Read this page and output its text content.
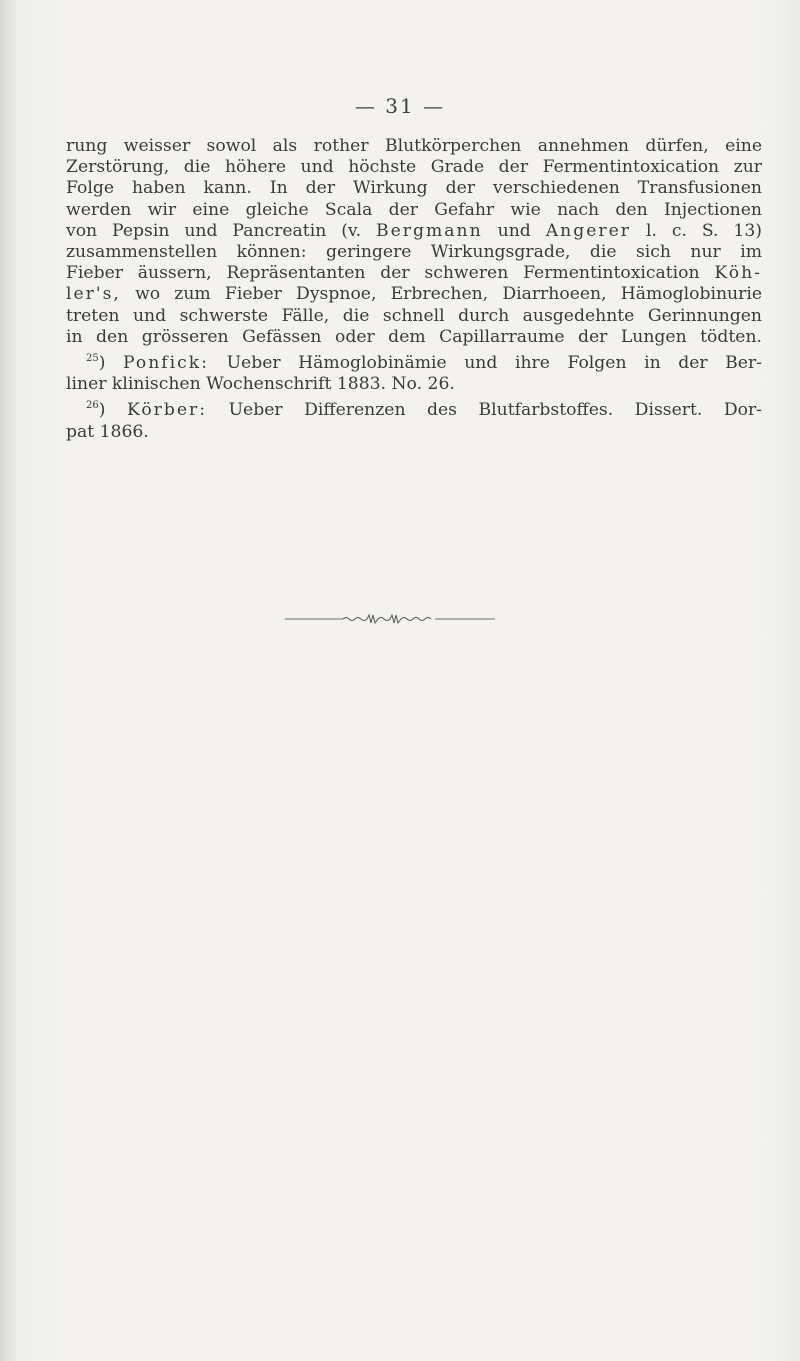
— 31 —
rung weisser sowol als rother Blutkörperchen annehmen dürfen, eine
Zerstörung, die höhere und höchste Grade der Fermentintoxication zur
Folge haben kann. In der Wirkung der verschiedenen Transfusionen
werden wir eine gleiche Scala der Gefahr wie nach den Injectionen
von Pepsin und Pancreatin (v. Bergmann und Angerer l. c. S. 13)
zusammenstellen können: geringere Wirkungsgrade, die sich nur im
Fieber äussern, Repräsentanten der schweren Fermentintoxication Köh-
ler's, wo zum Fieber Dyspnoe, Erbrechen, Diarrhoeen, Hämoglobinurie
treten und schwerste Fälle, die schnell durch ausgedehnte Gerinnungen
in den grösseren Gefässen oder dem Capillarraume der Lungen tödten.
$^{25}$) Ponfick: Ueber Hämoglobinämie und ihre Folgen in der Ber-
liner klinischen Wochenschrift 1883. No. 26.
$^{26}$) Körber: Ueber Differenzen des Blutfarbstoffes. Dissert. Dor-
pat 1866.
